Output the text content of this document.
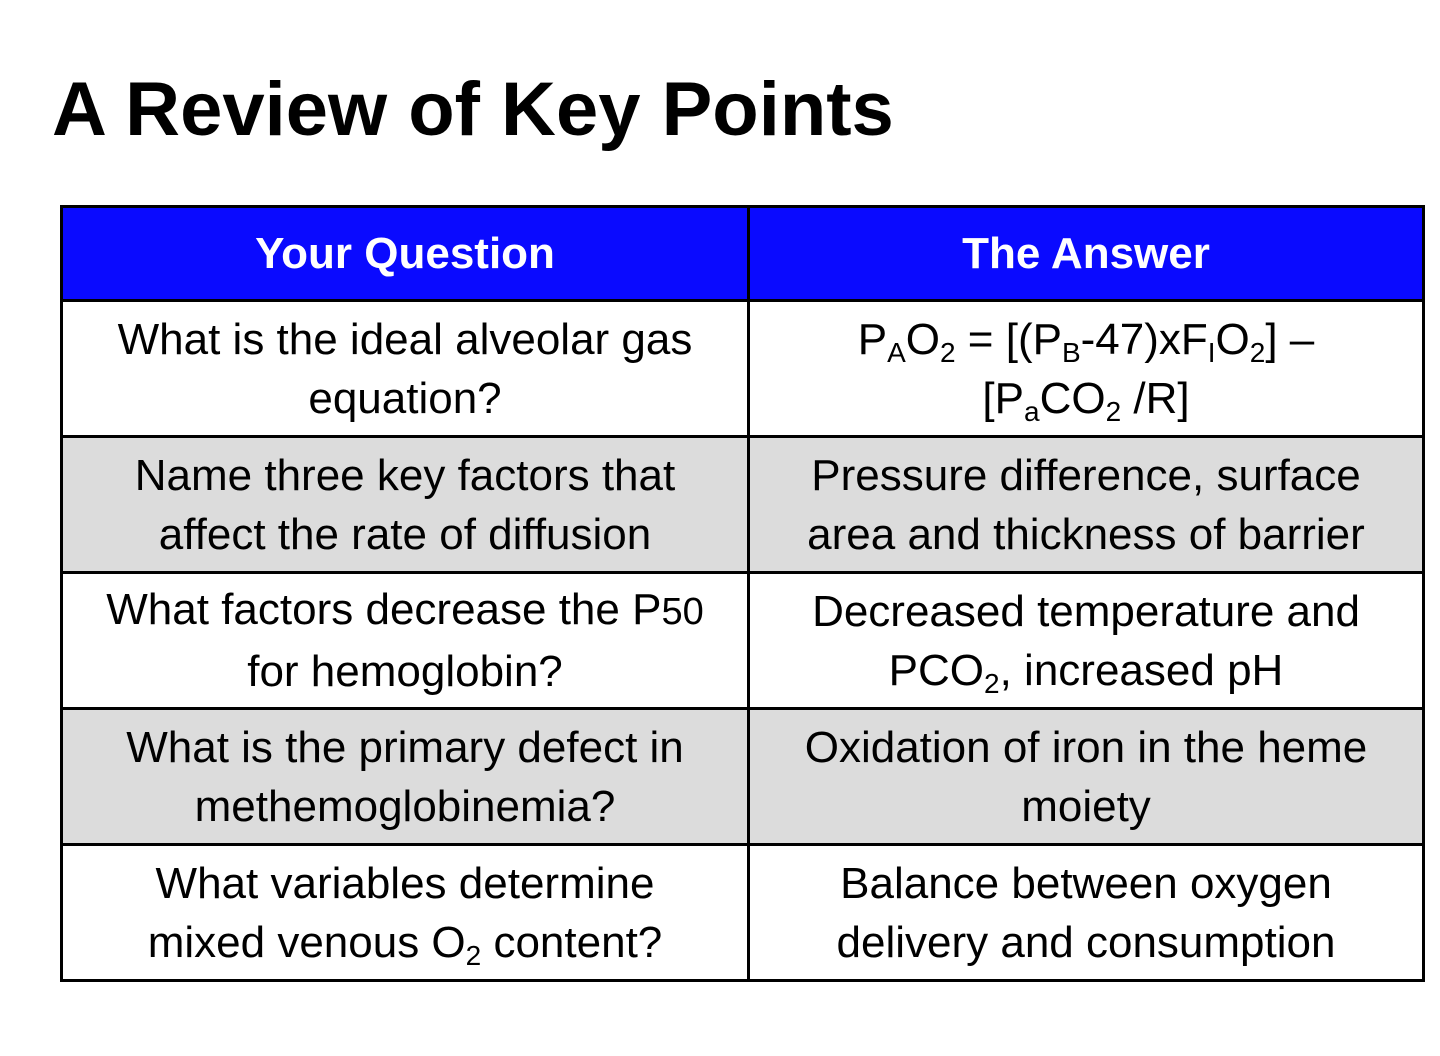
A Review of Key Points
Your Question	The Answer

What is the ideal alveolar gas
equation?	$P_AO_2 = [(P_B-47)xF_IO_2]$ –
[$P_aCO_2$ /R]

Name three key factors that
affect the rate of diffusion	Pressure difference, surface
area and thickness of barrier

What factors decrease the P50
for hemoglobin?	Decreased temperature and
$PCO_2$, increased pH

What is the primary defect in
methemoglobinemia?	Oxidation of iron in the heme
moiety

What variables determine
mixed venous $O_2$ content?	Balance between oxygen
delivery and consumption
